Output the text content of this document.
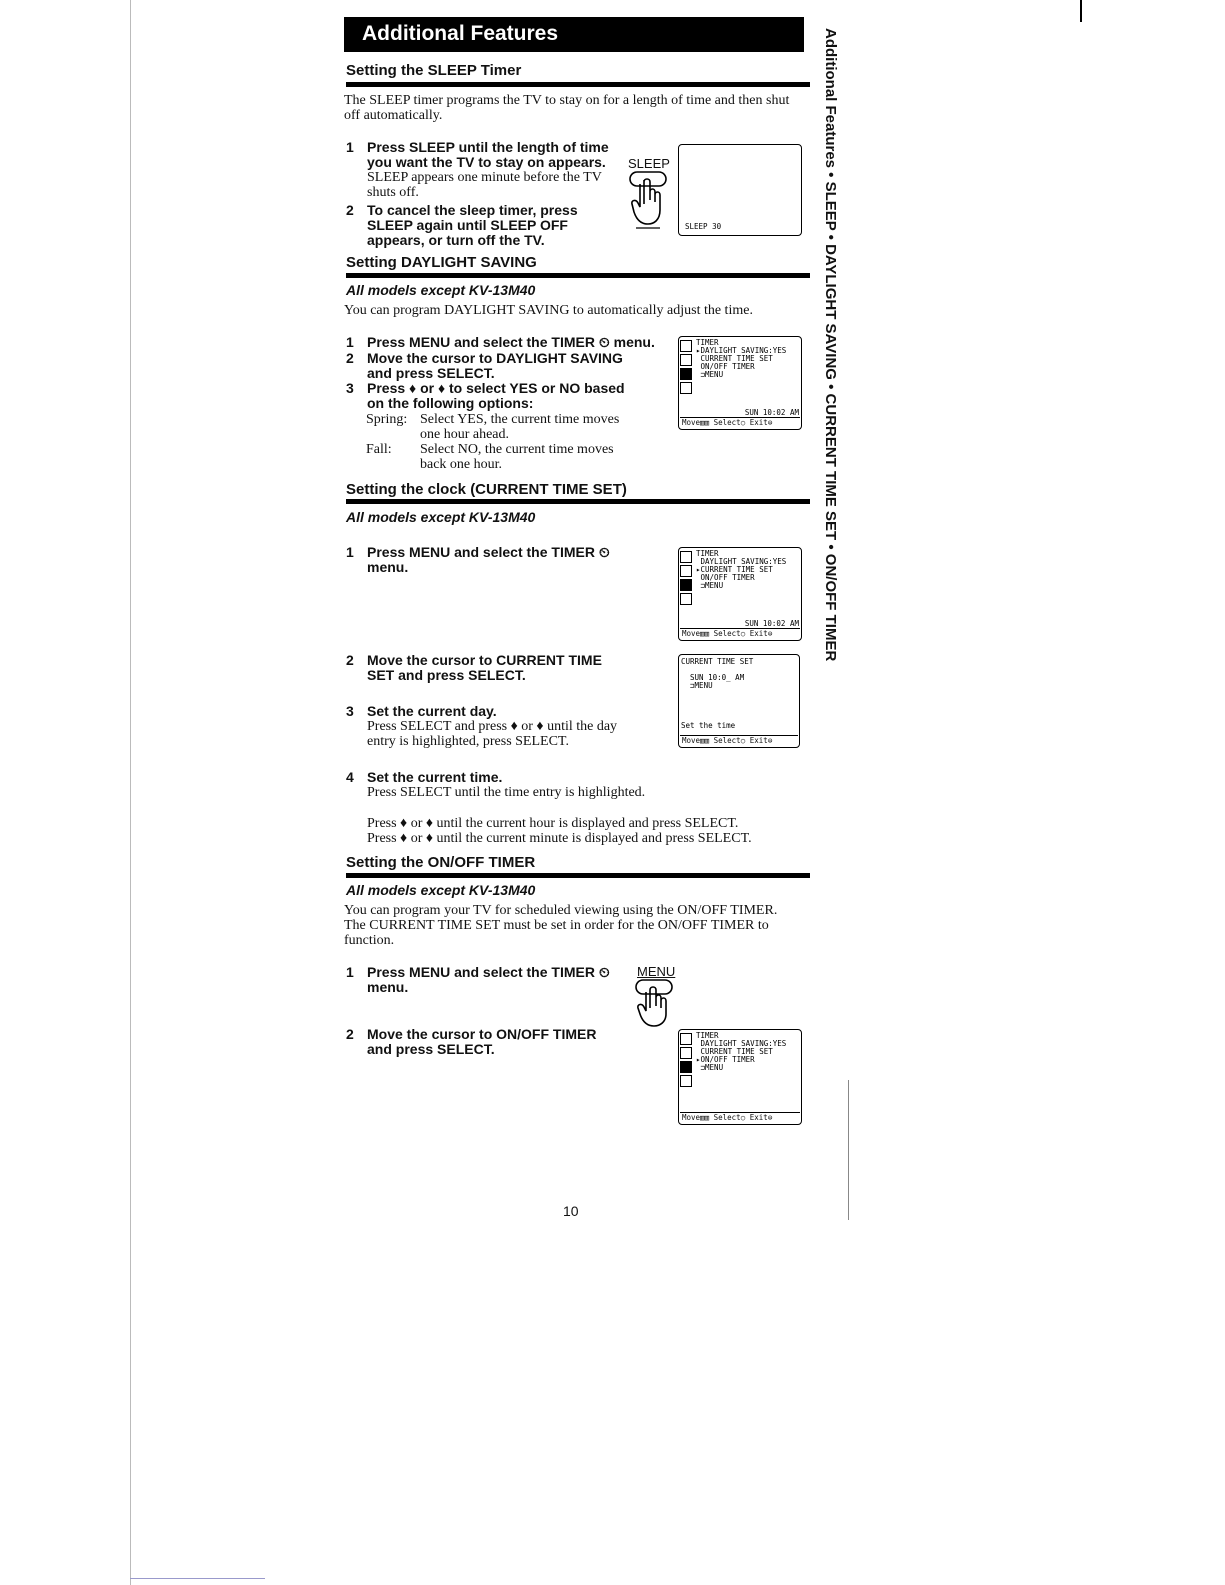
Additional Features	Additional Features • SLEEP • DAYLIGHT SAVING • CURRENT TIME SET • ON/OFF TIMER
Setting the SLEEP Timer
The SLEEP timer programs the TV to stay on for a length of time and then shut off automatically.
1 Press SLEEP until the length of time you want the TV to stay on appears.
SLEEP appears one minute before the TV shuts off.
2 To cancel the sleep timer, press SLEEP again until SLEEP OFF appears, or turn off the TV.
SLEEP
SLEEP 30
Setting DAYLIGHT SAVING
All models except KV-13M40
You can program DAYLIGHT SAVING to automatically adjust the time.
1 Press MENU and select the TIMER ⏲ menu.
2 Move the cursor to DAYLIGHT SAVING and press SELECT.
3 Press ♦ or ♦ to select YES or NO based on the following options:
Spring: Select YES, the current time moves one hour ahead.
Fall: Select NO, the current time moves back one hour.
TIMER
▸DAYLIGHT SAVING:YES
CURRENT TIME SET
ON/OFF TIMER
⊐MENU
SUN 10:02 AM
Move▥▥ Select○ Exit⊜
Setting the clock (CURRENT TIME SET)
All models except KV-13M40
1 Press MENU and select the TIMER ⏲ menu.
2 Move the cursor to CURRENT TIME SET and press SELECT.
3 Set the current day.
Press SELECT and press ♦ or ♦ until the day entry is highlighted, press SELECT.
4 Set the current time.
Press SELECT until the time entry is highlighted.
Press ♦ or ♦ until the current hour is displayed and press SELECT.
Press ♦ or ♦ until the current minute is displayed and press SELECT.
TIMER
DAYLIGHT SAVING:YES
▸CURRENT TIME SET
ON/OFF TIMER
⊐MENU
SUN 10:02 AM
Move▥▥ Select○ Exit⊜
CURRENT TIME SET

SUN 10:0_ AM
⊐MENU
Set the time
Move▥▥ Select○ Exit⊜
Setting the ON/OFF TIMER
All models except KV-13M40
You can program your TV for scheduled viewing using the ON/OFF TIMER. The CURRENT TIME SET must be set in order for the ON/OFF TIMER to function.
1 Press MENU and select the TIMER ⏲ menu.
2 Move the cursor to ON/OFF TIMER and press SELECT.
MENU
TIMER
DAYLIGHT SAVING:YES
CURRENT TIME SET
▸ON/OFF TIMER
⊐MENU
Move▥▥ Select○ Exit⊜
10
